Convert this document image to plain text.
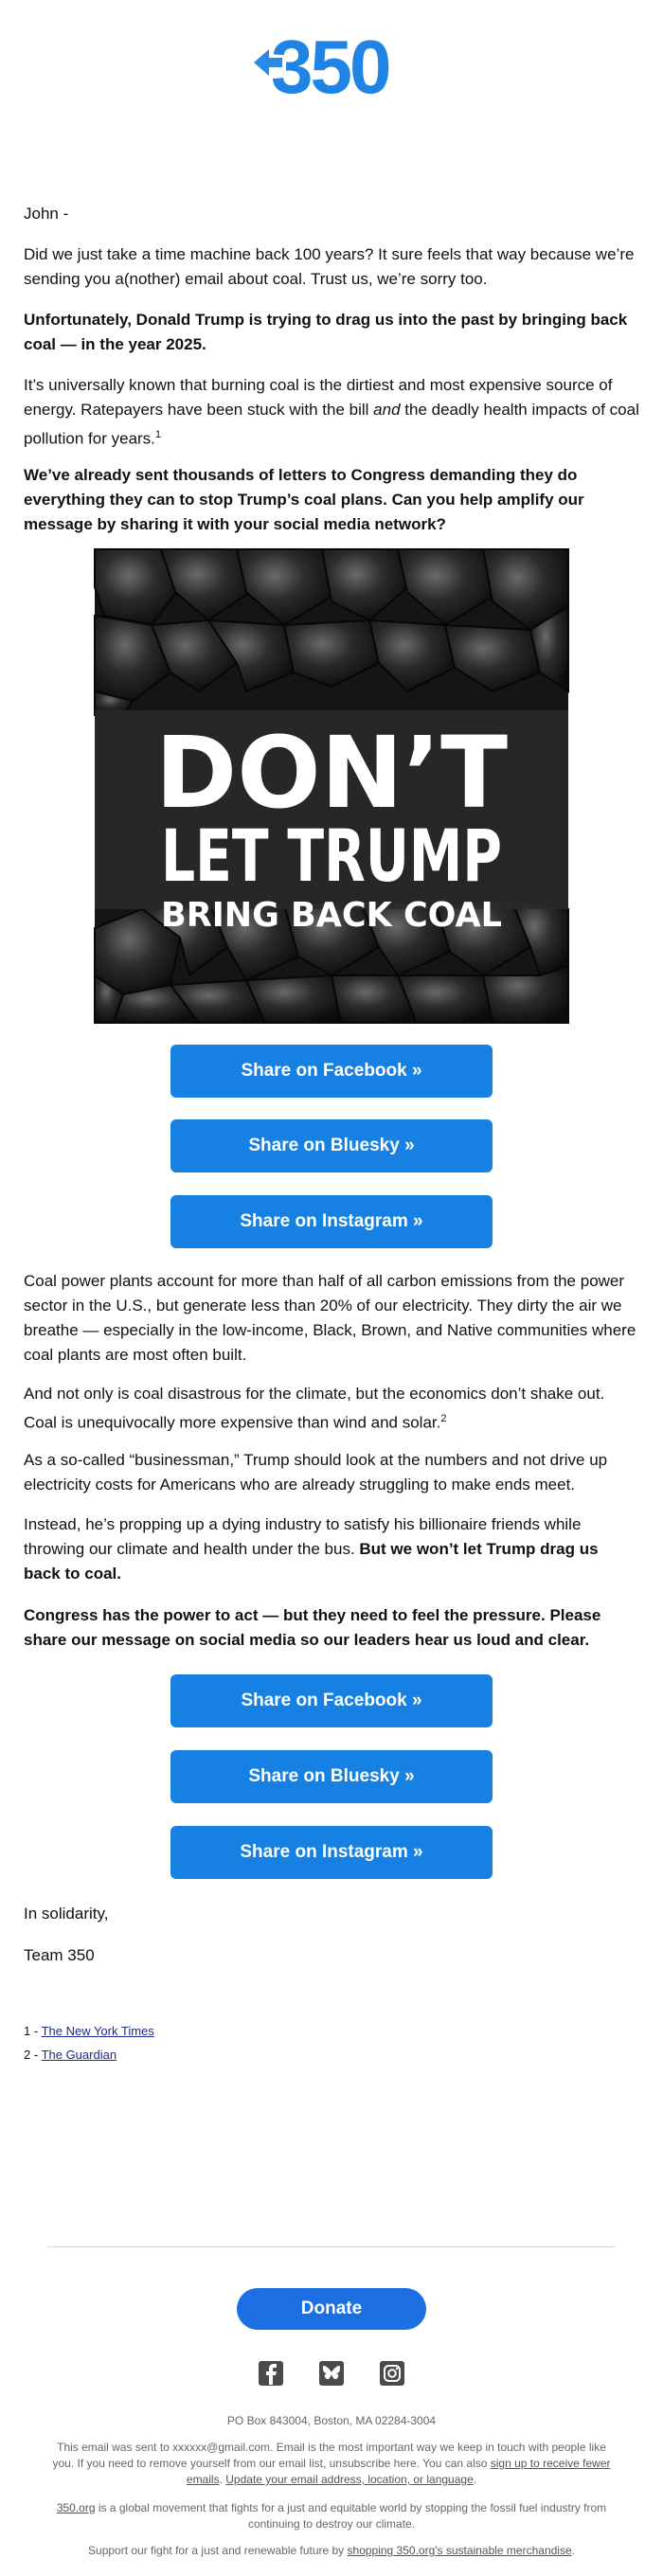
350

John -

Did we just take a time machine back 100 years? It sure feels that way because we’re sending you a(nother) email about coal. Trust us, we’re sorry too.

Unfortunately, Donald Trump is trying to drag us into the past by bringing back coal — in the year 2025.

It’s universally known that burning coal is the dirtiest and most expensive source of energy. Ratepayers have been stuck with the bill and the deadly health impacts of coal pollution for years.$^1$

We’ve already sent thousands of letters to Congress demanding they do everything they can to stop Trump’s coal plans. Can you help amplify our message by sharing it with your social media network?

DON’T
LET TRUMP
BRING BACK COAL
Share on Facebook »
Share on Bluesky »
Share on Instagram »

Coal power plants account for more than half of all carbon emissions from the power sector in the U.S., but generate less than 20% of our electricity. They dirty the air we breathe — especially in the low-income, Black, Brown, and Native communities where coal plants are most often built.

And not only is coal disastrous for the climate, but the economics don’t shake out. Coal is unequivocally more expensive than wind and solar.$^2$

As a so-called “businessman,” Trump should look at the numbers and not drive up electricity costs for Americans who are already struggling to make ends meet.

Instead, he’s propping up a dying industry to satisfy his billionaire friends while throwing our climate and health under the bus. But we won’t let Trump drag us back to coal.

Congress has the power to act — but they need to feel the pressure. Please share our message on social media so our leaders hear us loud and clear.

Share on Facebook »
Share on Bluesky »
Share on Instagram »

In solidarity,

Team 350

1 - The New York Times
2 - The Guardian
Donate
PO Box 843004, Boston, MA 02284-3004
This email was sent to xxxxxx@gmail.com. Email is the most important way we keep in touch with people like you. If you need to remove yourself from our email list, unsubscribe here. You can also sign up to receive fewer emails. Update your email address, location, or language.
350.org is a global movement that fights for a just and equitable world by stopping the fossil fuel industry from continuing to destroy our climate.
Support our fight for a just and renewable future by shopping 350.org's sustainable merchandise.
